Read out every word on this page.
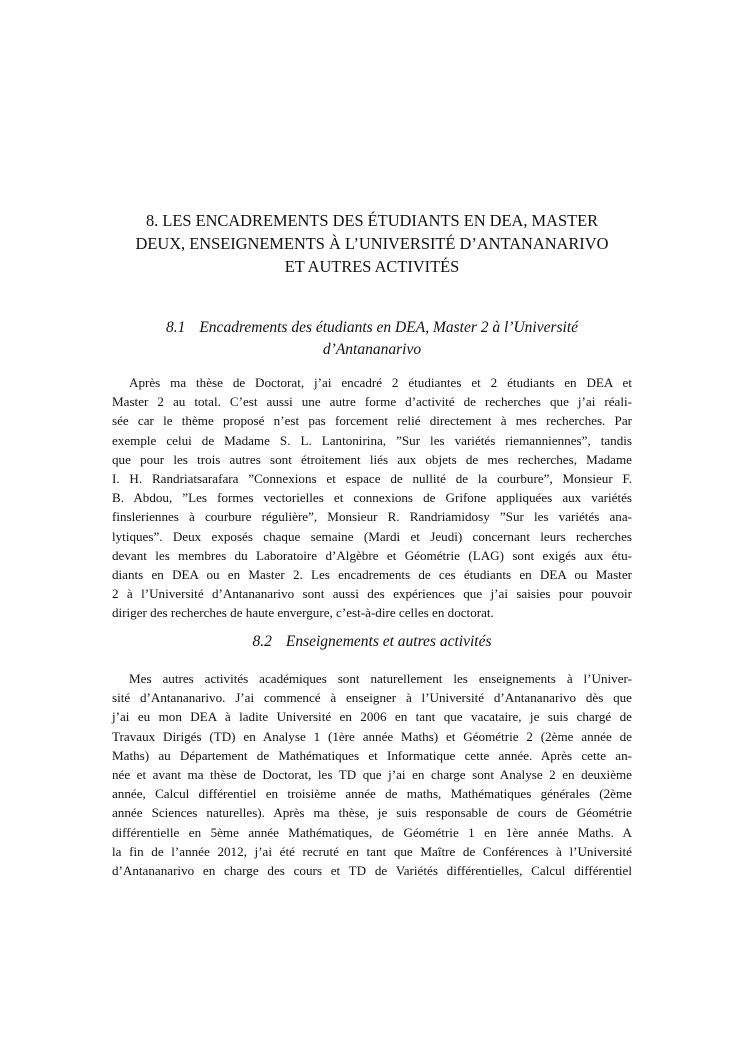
8. LES ENCADREMENTS DES ÉTUDIANTS EN DEA, MASTER
DEUX, ENSEIGNEMENTS À L’UNIVERSITÉ D’ANTANANARIVO
ET AUTRES ACTIVITÉS
8.1 Encadrements des étudiants en DEA, Master 2 à l’Université
d’Antananarivo

Après ma thèse de Doctorat, j’ai encadré 2 étudiantes et 2 étudiants en DEA et
Master 2 au total. C’est aussi une autre forme d’activité de recherches que j’ai réali-
sée car le thème proposé n’est pas forcement relié directement à mes recherches. Par
exemple celui de Madame S. L. Lantonirina, ”Sur les variétés riemanniennes”, tandis
que pour les trois autres sont étroitement liés aux objets de mes recherches, Madame
I. H. Randriatsarafara ”Connexions et espace de nullité de la courbure”, Monsieur F.
B. Abdou, ”Les formes vectorielles et connexions de Grifone appliquées aux variétés
finsleriennes à courbure régulière”, Monsieur R. Randriamidosy ”Sur les variétés ana-
lytiques”. Deux exposés chaque semaine (Mardi et Jeudi) concernant leurs recherches
devant les membres du Laboratoire d’Algèbre et Géométrie (LAG) sont exigés aux étu-
diants en DEA ou en Master 2. Les encadrements de ces étudiants en DEA ou Master
2 à l’Université d’Antananarivo sont aussi des expériences que j’ai saisies pour pouvoir
diriger des recherches de haute envergure, c’est-à-dire celles en doctorat.

8.2 Enseignements et autres activités

Mes autres activités académiques sont naturellement les enseignements à l’Univer-
sité d’Antananarivo. J’ai commencé à enseigner à l’Université d’Antananarivo dès que
j’ai eu mon DEA à ladite Université en 2006 en tant que vacataire, je suis chargé de
Travaux Dirigés (TD) en Analyse 1 (1ère année Maths) et Géométrie 2 (2ème année de
Maths) au Département de Mathématiques et Informatique cette année. Après cette an-
née et avant ma thèse de Doctorat, les TD que j’ai en charge sont Analyse 2 en deuxième
année, Calcul différentiel en troisième année de maths, Mathématiques générales (2ème
année Sciences naturelles). Après ma thèse, je suis responsable de cours de Géométrie
différentielle en 5ème année Mathématiques, de Géométrie 1 en 1ère année Maths. A
la fin de l’année 2012, j’ai été recruté en tant que Maître de Conférences à l’Université
d’Antananarivo en charge des cours et TD de Variétés différentielles, Calcul différentiel
